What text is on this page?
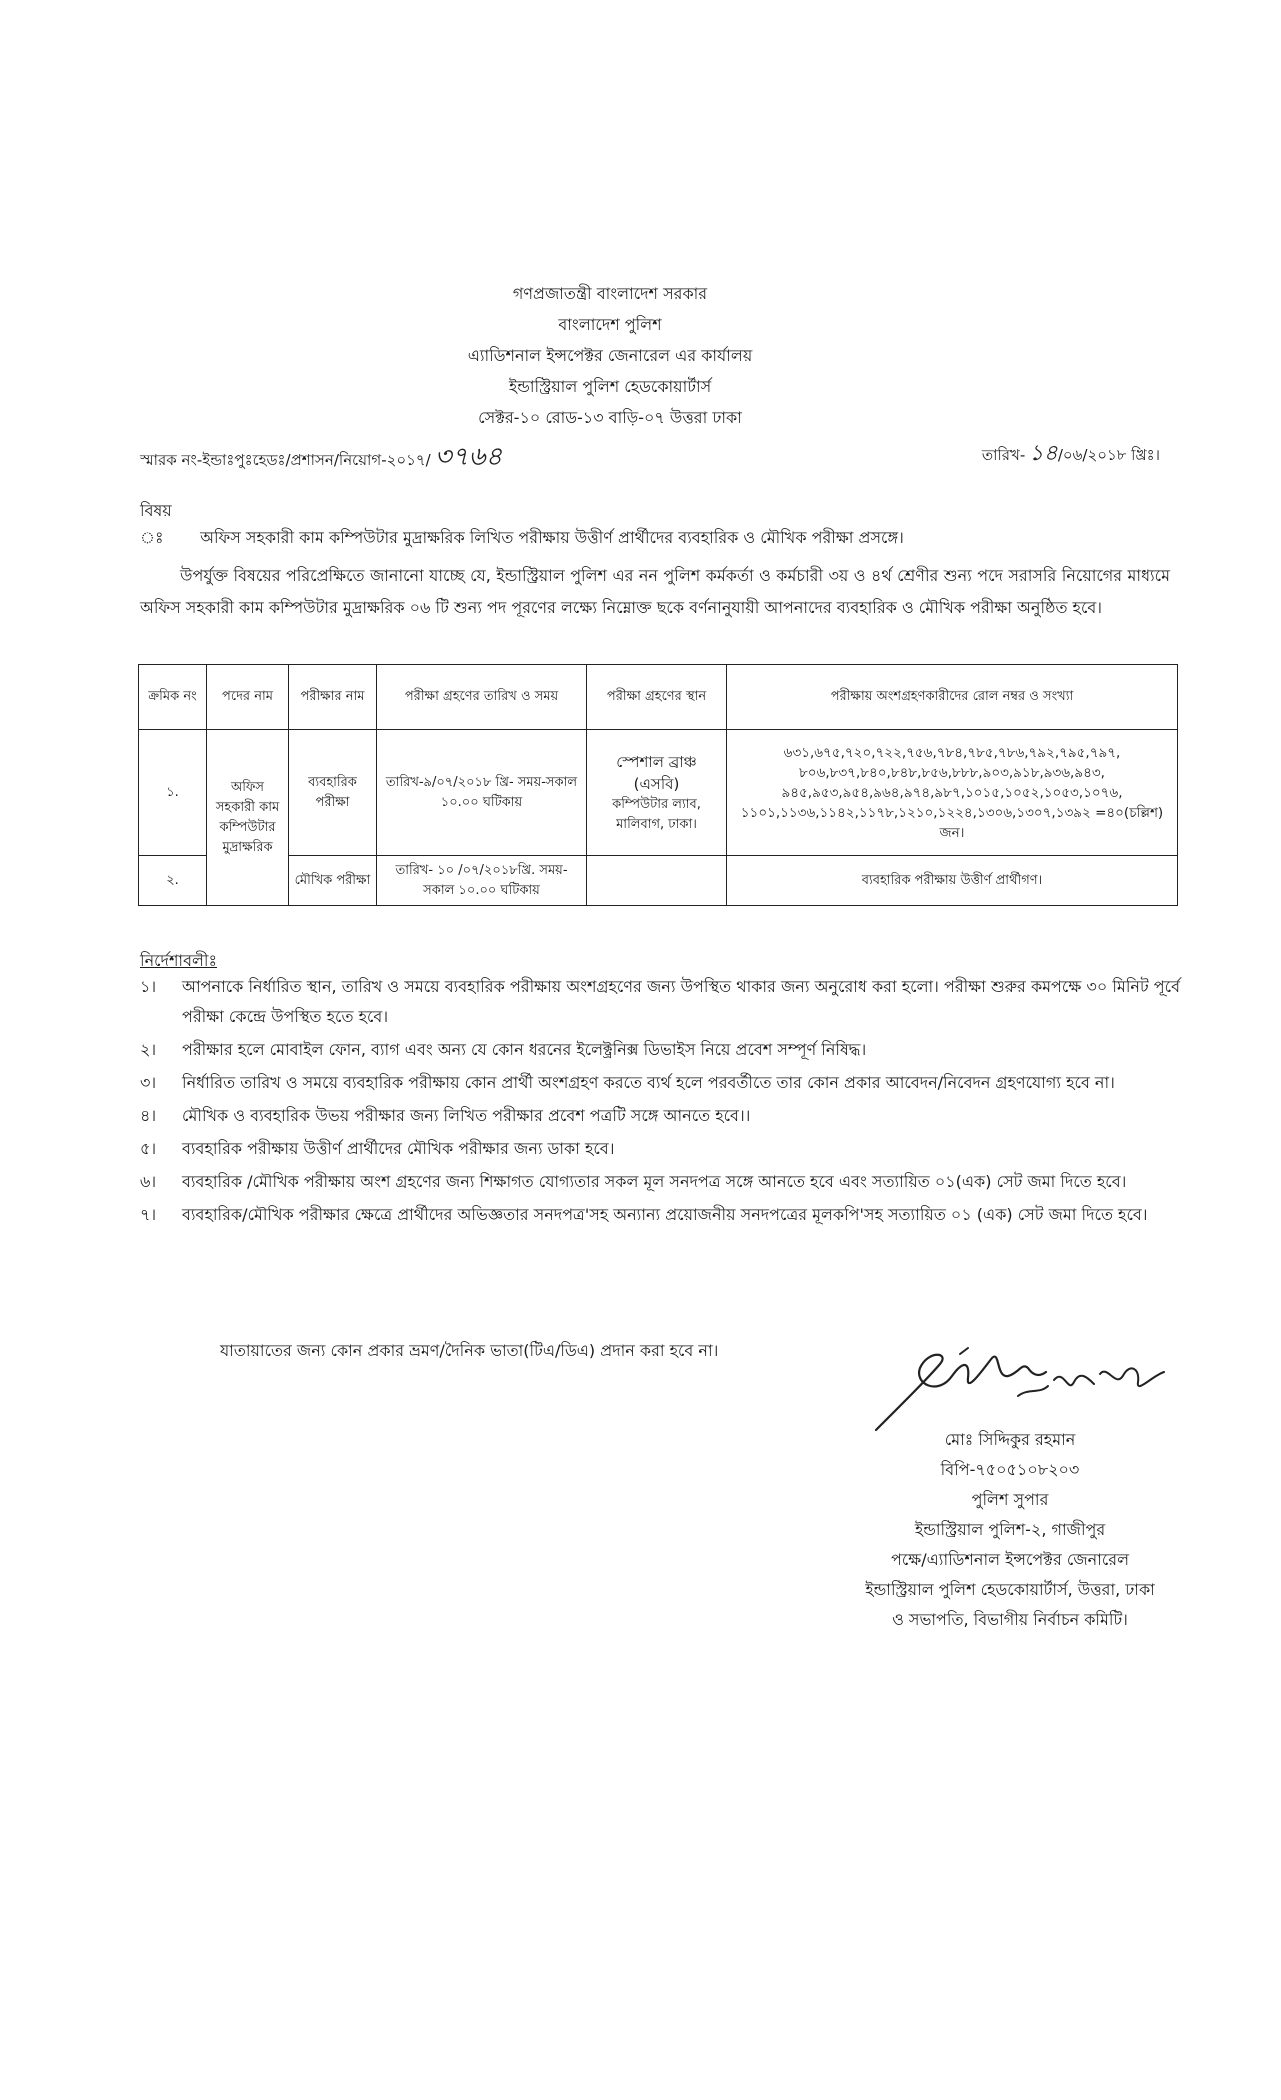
গণপ্রজাতন্ত্রী বাংলাদেশ সরকার
বাংলাদেশ পুলিশ
এ্যাডিশনাল ইন্সপেক্টর জেনারেল এর কার্যালয়
ইন্ডাস্ট্রিয়াল পুলিশ হেডকোয়ার্টার্স
সেক্টর-১০ রোড-১৩ বাড়ি-০৭ উত্তরা ঢাকা
স্মারক নং-ইন্ডাঃপুঃহেডঃ/প্রশাসন/নিয়োগ-২০১৭/ ৩৭৬৪	তারিখ- ১৪/০৬/২০১৮ খ্রিঃ।
বিষয় ঃ অফিস সহকারী কাম কম্পিউটার মুদ্রাক্ষরিক লিখিত পরীক্ষায় উত্তীর্ণ প্রার্থীদের ব্যবহারিক ও মৌখিক পরীক্ষা প্রসঙ্গে।
উপর্যুক্ত বিষয়ের পরিপ্রেক্ষিতে জানানো যাচ্ছে যে, ইন্ডাস্ট্রিয়াল পুলিশ এর নন পুলিশ কর্মকর্তা ও কর্মচারী ৩য় ও ৪র্থ শ্রেণীর শুন্য পদে সরাসরি নিয়োগের মাধ্যমে অফিস সহকারী কাম কম্পিউটার মুদ্রাক্ষরিক ০৬ টি শুন্য পদ পূরণের লক্ষ্যে নিম্নোক্ত ছকে বর্ণনানুযায়ী আপনাদের ব্যবহারিক ও মৌখিক পরীক্ষা অনুষ্ঠিত হবে।
ক্রমিক নং	পদের নাম	পরীক্ষার নাম	পরীক্ষা গ্রহণের তারিখ ও সময়	পরীক্ষা গ্রহণের স্থান	পরীক্ষায় অংশগ্রহণকারীদের রোল নম্বর ও সংখ্যা
১.	অফিস সহকারী কাম কম্পিউটার মুদ্রাক্ষরিক	ব্যবহারিক পরীক্ষা	তারিখ-৯/০৭/২০১৮ খ্রি- সময়-সকাল ১০.০০ ঘটিকায়	স্পেশাল ব্রাঞ্চ (এসবি)
কম্পিউটার ল্যাব, মালিবাগ, ঢাকা।	৬৩১,৬৭৫,৭২০,৭২২,৭৫৬,৭৮৪,৭৮৫,৭৮৬,৭৯২,৭৯৫,৭৯৭, ৮০৬,৮৩৭,৮৪০,৮৪৮,৮৫৬,৮৮৮,৯০৩,৯১৮,৯৩৬,৯৪৩, ৯৪৫,৯৫৩,৯৫৪,৯৬৪,৯৭৪,৯৮৭,১০১৫,১০৫২,১০৫৩,১০৭৬, ১১০১,১১৩৬,১১৪২,১১৭৮,১২১০,১২২৪,১৩০৬,১৩০৭,১৩৯২ =৪০(চল্লিশ) জন।
২.		মৌখিক পরীক্ষা	তারিখ- ১০ /০৭/২০১৮খ্রি. সময়-সকাল ১০.০০ ঘটিকায়		ব্যবহারিক পরীক্ষায় উত্তীর্ণ প্রার্থীগণ।
নির্দেশাবলীঃ
১।	আপনাকে নির্ধারিত স্থান, তারিখ ও সময়ে ব্যবহারিক পরীক্ষায় অংশগ্রহণের জন্য উপস্থিত থাকার জন্য অনুরোধ করা হলো। পরীক্ষা শুরুর কমপক্ষে ৩০ মিনিট পূর্বে পরীক্ষা কেন্দ্রে উপস্থিত হতে হবে।
২।	পরীক্ষার হলে মোবাইল ফোন, ব্যাগ এবং অন্য যে কোন ধরনের ইলেক্ট্রনিক্স ডিভাইস নিয়ে প্রবেশ সম্পূর্ণ নিষিদ্ধ।
৩।	নির্ধারিত তারিখ ও সময়ে ব্যবহারিক পরীক্ষায় কোন প্রার্থী অংশগ্রহণ করতে ব্যর্থ হলে পরবর্তীতে তার কোন প্রকার আবেদন/নিবেদন গ্রহণযোগ্য হবে না।
৪।	মৌখিক ও ব্যবহারিক উভয় পরীক্ষার জন্য লিখিত পরীক্ষার প্রবেশ পত্রটি সঙ্গে আনতে হবে।।
৫।	ব্যবহারিক পরীক্ষায় উত্তীর্ণ প্রার্থীদের মৌখিক পরীক্ষার জন্য ডাকা হবে।
৬।	ব্যবহারিক /মৌখিক পরীক্ষায় অংশ গ্রহণের জন্য শিক্ষাগত যোগ্যতার সকল মূল সনদপত্র সঙ্গে আনতে হবে এবং সত্যায়িত ০১(এক) সেট জমা দিতে হবে।
৭।	ব্যবহারিক/মৌখিক পরীক্ষার ক্ষেত্রে প্রার্থীদের অভিজ্ঞতার সনদপত্র'সহ অন্যান্য প্রয়োজনীয় সনদপত্রের মূলকপি'সহ সত্যায়িত ০১ (এক) সেট জমা দিতে হবে।
যাতায়াতের জন্য কোন প্রকার ভ্রমণ/দৈনিক ভাতা(টিএ/ডিএ) প্রদান করা হবে না।
মোঃ সিদ্দিকুর রহমান
বিপি-৭৫০৫১০৮২০৩
পুলিশ সুপার
ইন্ডাস্ট্রিয়াল পুলিশ-২, গাজীপুর
পক্ষে/এ্যাডিশনাল ইন্সপেক্টর জেনারেল
ইন্ডাস্ট্রিয়াল পুলিশ হেডকোয়ার্টার্স, উত্তরা, ঢাকা
ও সভাপতি, বিভাগীয় নির্বাচন কমিটি।
